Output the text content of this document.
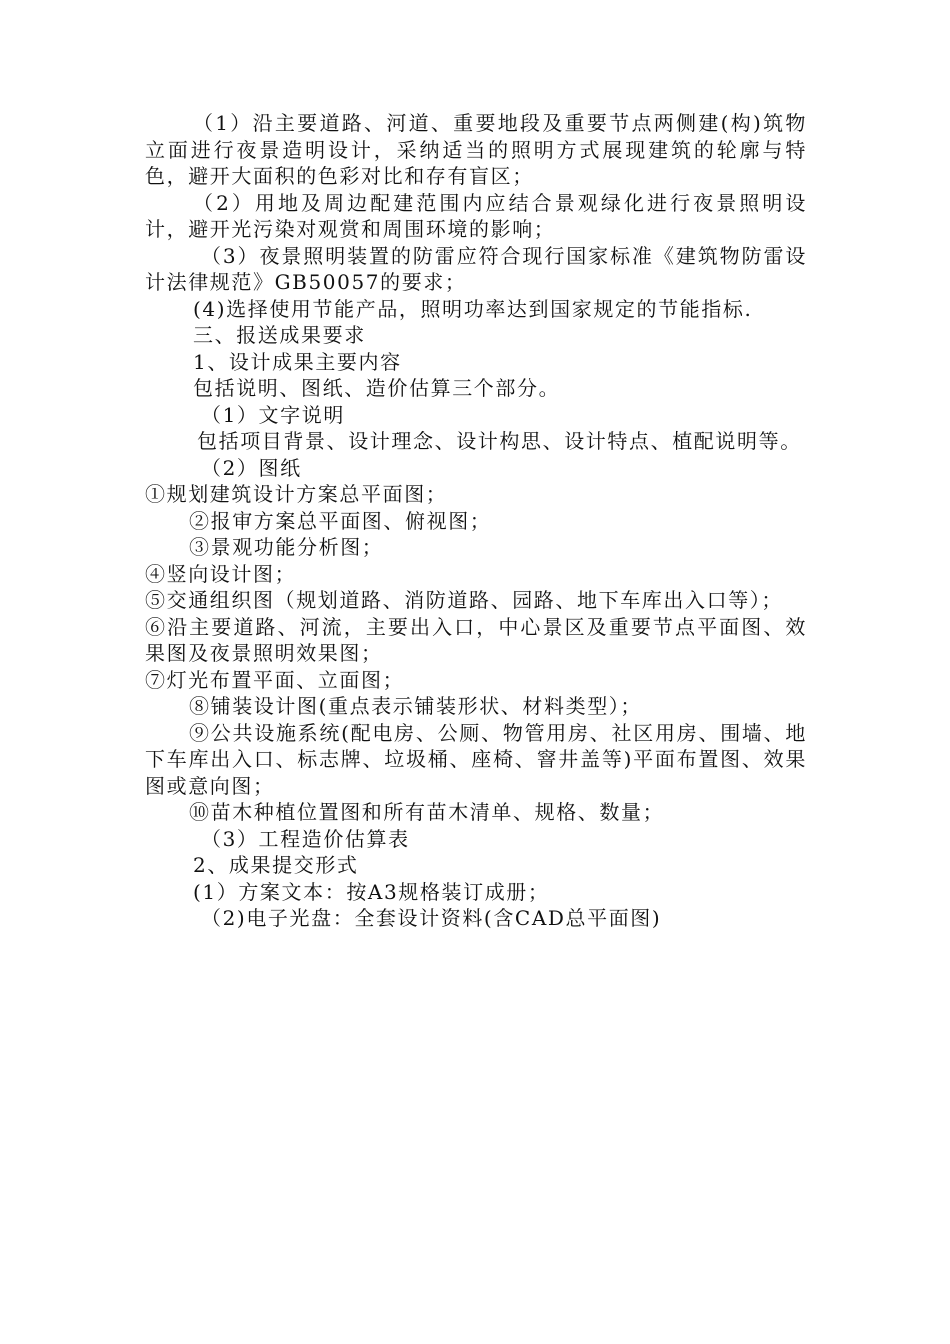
（1）沿主要道路、河道、重要地段及重要节点两侧建(构)筑物立面进行夜景造明设计，采纳适当的照明方式展现建筑的轮廓与特色，避开大面积的色彩对比和存有盲区；

（2）用地及周边配建范围内应结合景观绿化进行夜景照明设计，避开光污染对观赏和周围环境的影响；

（3）夜景照明装置的防雷应符合现行国家标准《建筑物防雷设计法律规范》GB50057的要求；

(4)选择使用节能产品，照明功率达到国家规定的节能指标.

三、报送成果要求

1、设计成果主要内容

包括说明、图纸、造价估算三个部分。

（1）文字说明

包括项目背景、设计理念、设计构思、设计特点、植配说明等。

（2）图纸

①规划建筑设计方案总平面图；

②报审方案总平面图、俯视图；

③景观功能分析图；

④竖向设计图；

⑤交通组织图（规划道路、消防道路、园路、地下车库出入口等）；

⑥沿主要道路、河流，主要出入口，中心景区及重要节点平面图、效果图及夜景照明效果图；

⑦灯光布置平面、立面图；

⑧铺装设计图(重点表示铺装形状、材料类型）；

⑨公共设施系统(配电房、公厕、物管用房、社区用房、围墙、地下车库出入口、标志牌、垃圾桶、座椅、窨井盖等)平面布置图、效果图或意向图；

⑩苗木种植位置图和所有苗木清单、规格、数量；

（3）工程造价估算表

2、成果提交形式

(1）方案文本：按A3规格装订成册；

（2)电子光盘：全套设计资料(含CAD总平面图)
